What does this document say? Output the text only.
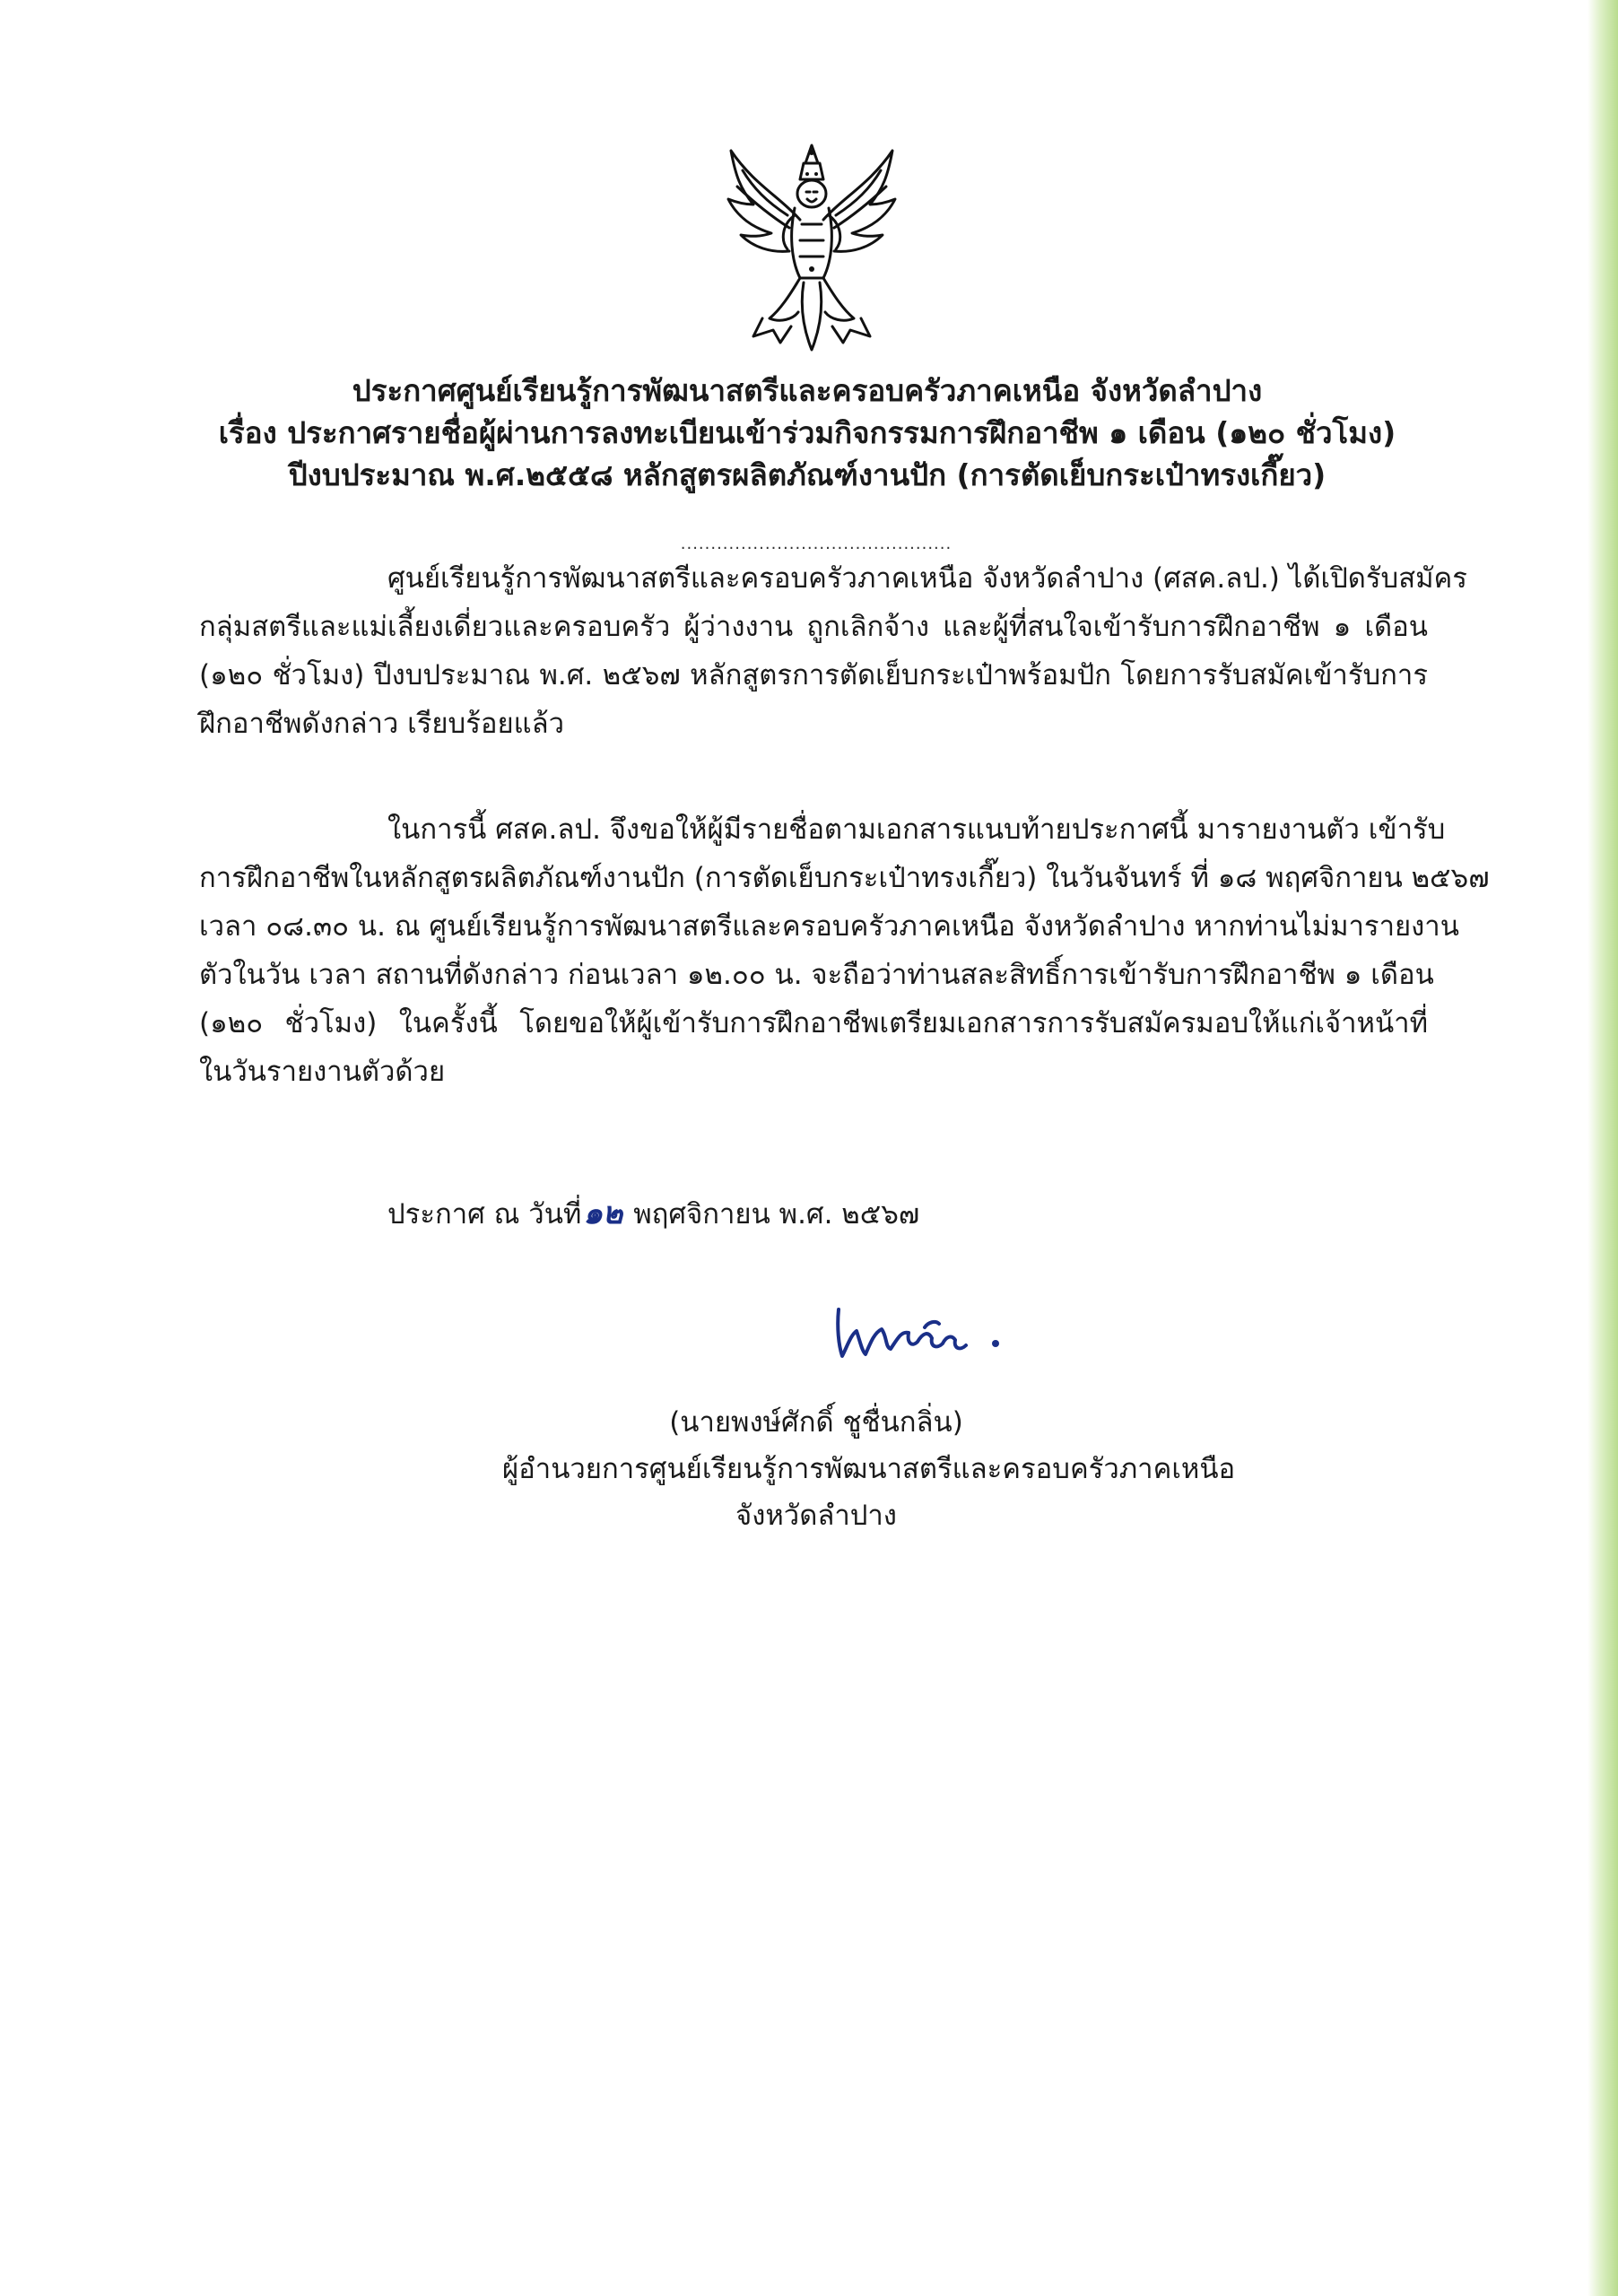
ประกาศศูนย์เรียนรู้การพัฒนาสตรีและครอบครัวภาคเหนือ จังหวัดลำปาง
เรื่อง ประกาศรายชื่อผู้ผ่านการลงทะเบียนเข้าร่วมกิจกรรมการฝึกอาชีพ ๑ เดือน (๑๒๐ ชั่วโมง)
ปีงบประมาณ พ.ศ.๒๕๕๘ หลักสูตรผลิตภัณฑ์งานปัก (การตัดเย็บกระเป๋าทรงเกี๊ยว)
.............................................
ศูนย์เรียนรู้การพัฒนาสตรีและครอบครัวภาคเหนือ จังหวัดลำปาง (ศสค.ลป.) ได้เปิดรับสมัคร
กลุ่มสตรีและแม่เลี้ยงเดี่ยวและครอบครัว ผู้ว่างงาน ถูกเลิกจ้าง และผู้ที่สนใจเข้ารับการฝึกอาชีพ ๑ เดือน
(๑๒๐ ชั่วโมง) ปีงบประมาณ พ.ศ. ๒๕๖๗ หลักสูตรการตัดเย็บกระเป๋าพร้อมปัก โดยการรับสมัคเข้ารับการ
ฝึกอาชีพดังกล่าว เรียบร้อยแล้ว
ในการนี้ ศสค.ลป. จึงขอให้ผู้มีรายชื่อตามเอกสารแนบท้ายประกาศนี้ มารายงานตัว เข้ารับ
การฝึกอาชีพในหลักสูตรผลิตภัณฑ์งานปัก (การตัดเย็บกระเป๋าทรงเกี๊ยว) ในวันจันทร์ ที่ ๑๘ พฤศจิกายน ๒๕๖๗
เวลา ๐๘.๓๐ น. ณ ศูนย์เรียนรู้การพัฒนาสตรีและครอบครัวภาคเหนือ จังหวัดลำปาง หากท่านไม่มารายงาน
ตัวในวัน เวลา สถานที่ดังกล่าว ก่อนเวลา ๑๒.๐๐ น. จะถือว่าท่านสละสิทธิ์การเข้ารับการฝึกอาชีพ ๑ เดือน
(๑๒๐ ชั่วโมง) ในครั้งนี้ โดยขอให้ผู้เข้ารับการฝึกอาชีพเตรียมเอกสารการรับสมัครมอบให้แก่เจ้าหน้าที่
ในวันรายงานตัวด้วย
ประกาศ ณ วันที่๑๒ พฤศจิกายน พ.ศ. ๒๕๖๗
(นายพงษ์ศักดิ์ ชูชื่นกลิ่น)
ผู้อำนวยการศูนย์เรียนรู้การพัฒนาสตรีและครอบครัวภาคเหนือ
จังหวัดลำปาง
